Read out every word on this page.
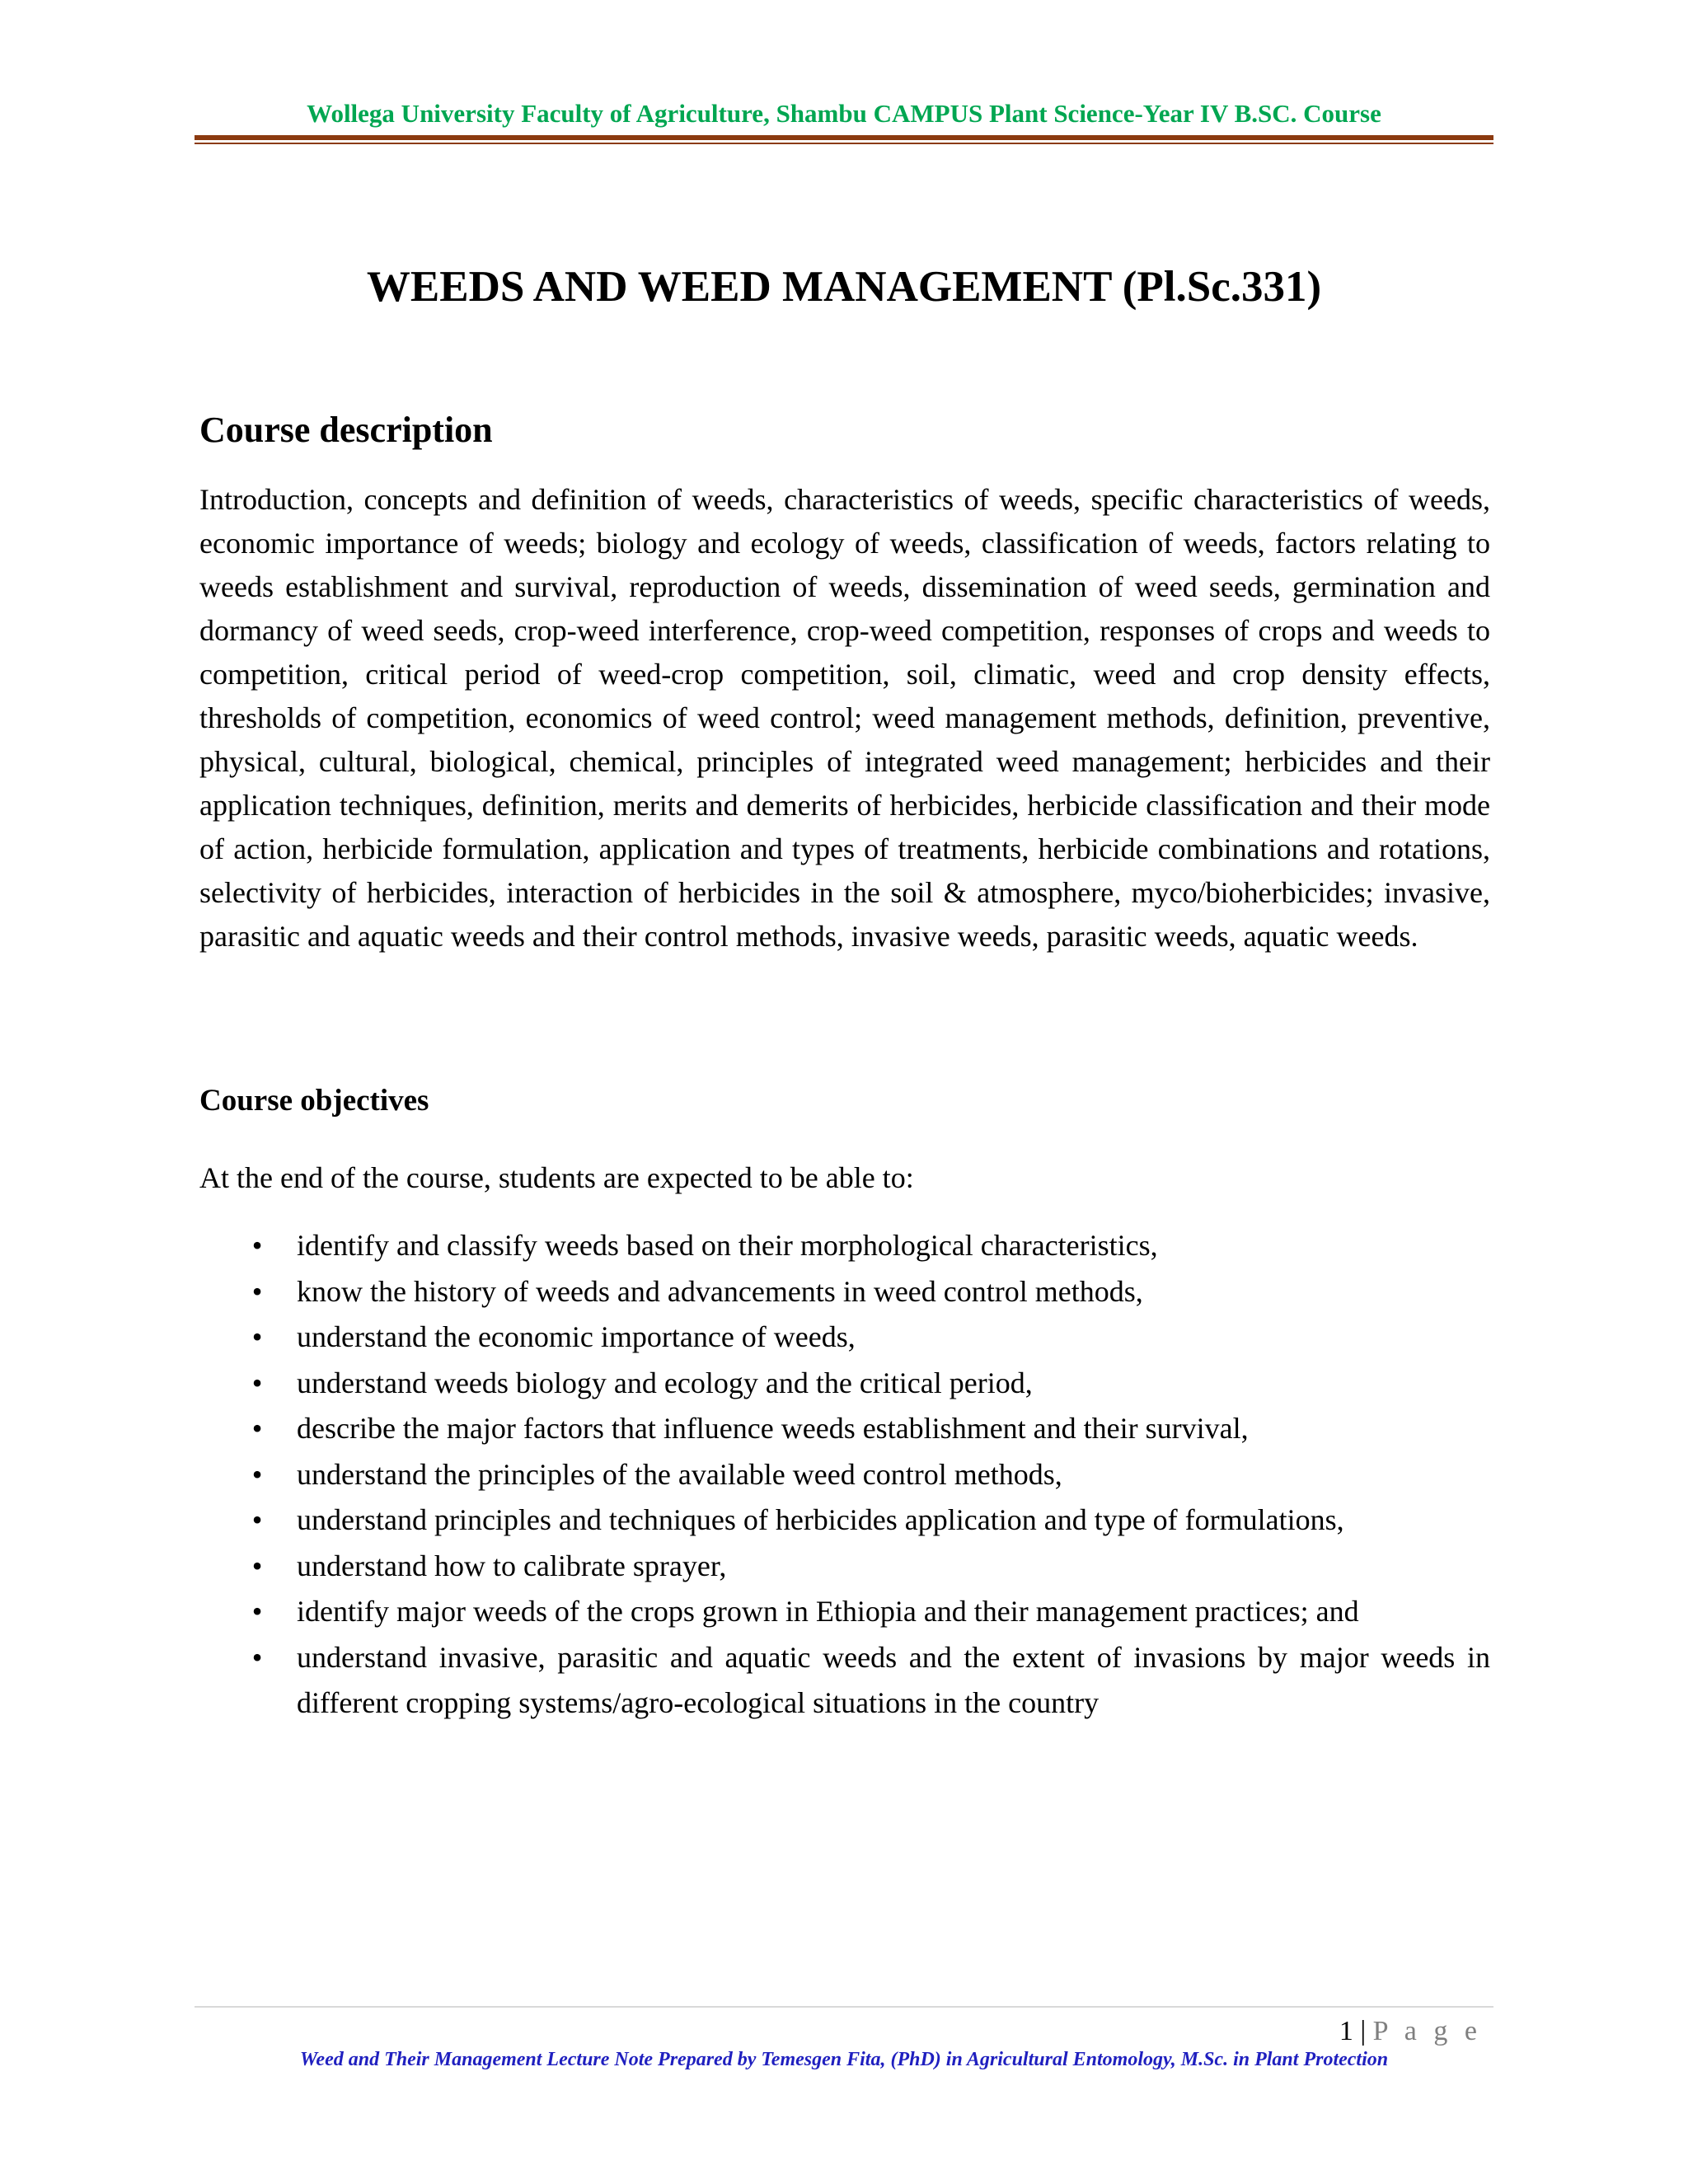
Wollega University Faculty of Agriculture, Shambu CAMPUS Plant Science-Year IV B.SC. Course
WEEDS AND WEED MANAGEMENT (Pl.Sc.331)
Course description

Introduction, concepts and definition of weeds, characteristics of weeds, specific characteristics of weeds, economic importance of weeds; biology and ecology of weeds, classification of weeds, factors relating to weeds establishment and survival, reproduction of weeds, dissemination of weed seeds, germination and dormancy of weed seeds, crop-weed interference, crop-weed competition, responses of crops and weeds to competition, critical period of weed-crop competition, soil, climatic, weed and crop density effects, thresholds of competition, economics of weed control; weed management methods, definition, preventive, physical, cultural, biological, chemical, principles of integrated weed management; herbicides and their application techniques, definition, merits and demerits of herbicides, herbicide classification and their mode of action, herbicide formulation, application and types of treatments, herbicide combinations and rotations, selectivity of herbicides, interaction of herbicides in the soil & atmosphere, myco/bioherbicides; invasive, parasitic and aquatic weeds and their control methods, invasive weeds, parasitic weeds, aquatic weeds.

Course objectives
At the end of the course, students are expected to be able to:
• identify and classify weeds based on their morphological characteristics,
• know the history of weeds and advancements in weed control methods,
• understand the economic importance of weeds,
• understand weeds biology and ecology and the critical period,
• describe the major factors that influence weeds establishment and their survival,
• understand the principles of the available weed control methods,
• understand principles and techniques of herbicides application and type of formulations,
• understand how to calibrate sprayer,
• identify major weeds of the crops grown in Ethiopia and their management practices; and
• understand invasive, parasitic and aquatic weeds and the extent of invasions by major weeds in different cropping systems/agro-ecological situations in the country
1 | P a g e
Weed and Their Management Lecture Note Prepared by Temesgen Fita, (PhD) in Agricultural Entomology, M.Sc. in Plant Protection
